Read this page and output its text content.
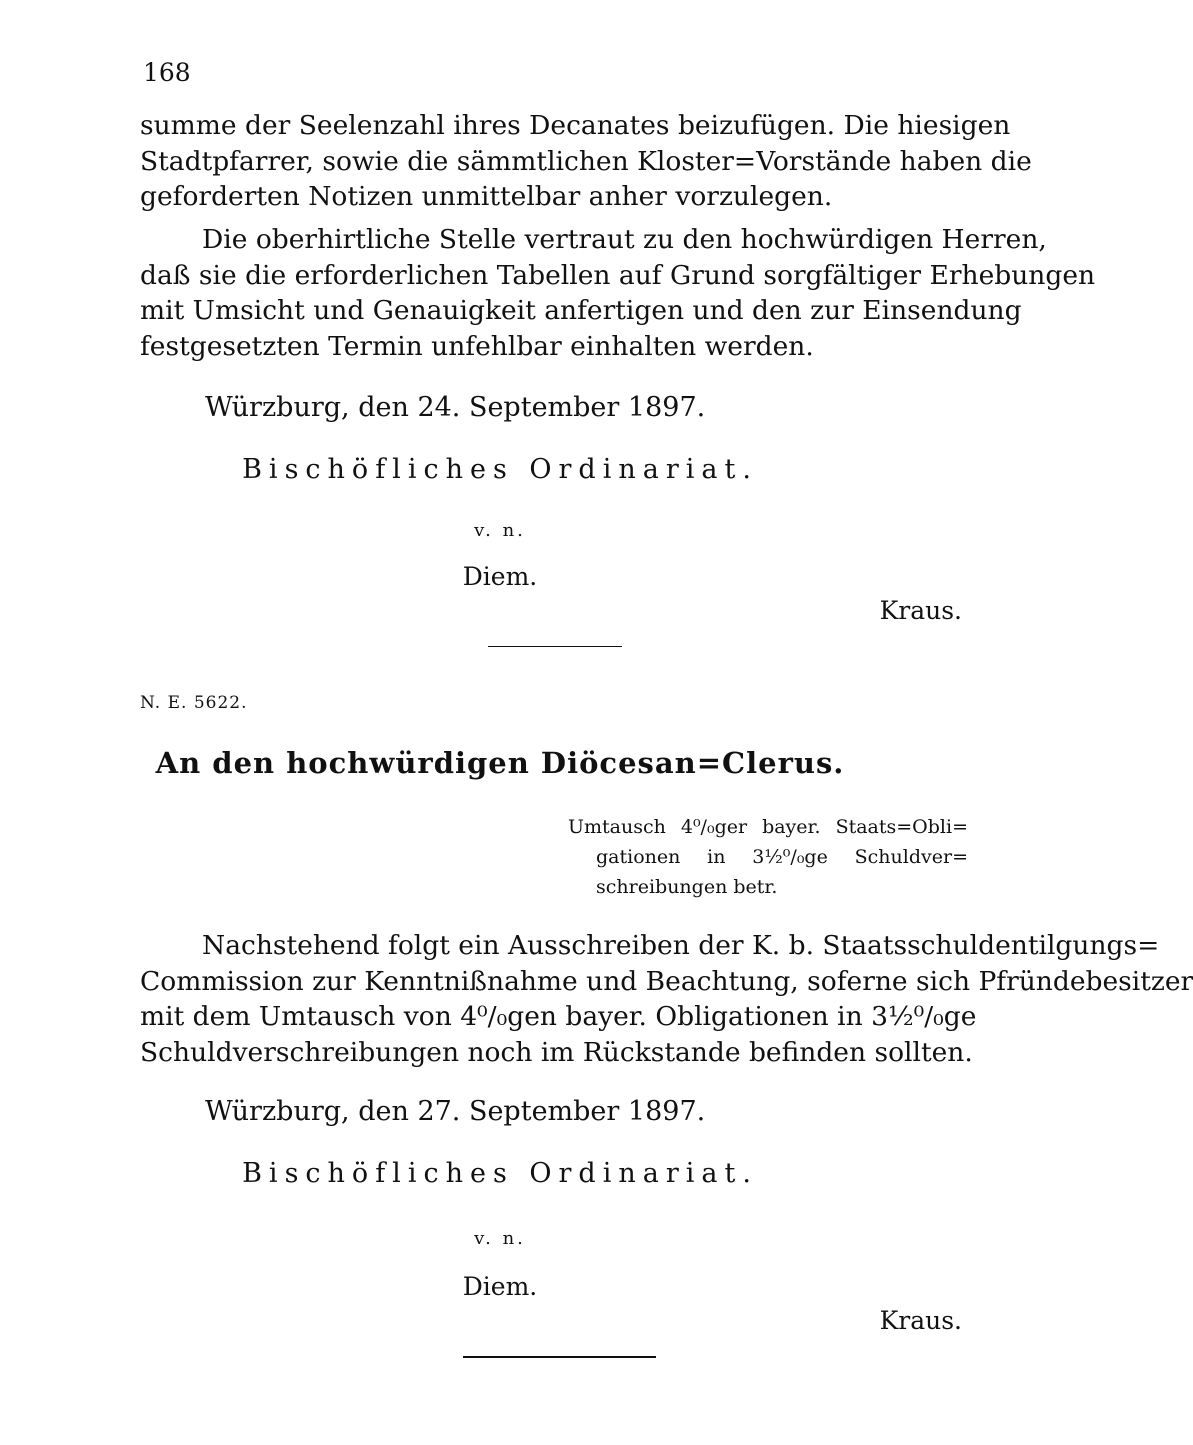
168
summe der Seelenzahl ihres Decanates beizufügen. Die hiesigen
Stadtpfarrer, sowie die sämmtlichen Kloster=Vorstände haben die
geforderten Notizen unmittelbar anher vorzulegen.
Die oberhirtliche Stelle vertraut zu den hochwürdigen Herren,
daß sie die erforderlichen Tabellen auf Grund sorgfältiger Erhebungen
mit Umsicht und Genauigkeit anfertigen und den zur Einsendung
festgesetzten Termin unfehlbar einhalten werden.
Würzburg, den 24. September 1897.
Bischöfliches Ordinariat.
v. n.
Diem.
Kraus.
N. E. 5622.
An den hochwürdigen Diöcesan=Clerus.
Umtausch 4⁰/₀ger bayer. Staats=Obli=
gationen in 3½⁰/₀ge Schuldver=
schreibungen betr.
Nachstehend folgt ein Ausschreiben der K. b. Staatsschuldentilgungs=
Commission zur Kenntnißnahme und Beachtung, soferne sich Pfründebesitzer
mit dem Umtausch von 4⁰/₀gen bayer. Obligationen in 3½⁰/₀ge
Schuldverschreibungen noch im Rückstande befinden sollten.
Würzburg, den 27. September 1897.
Bischöfliches Ordinariat.
v. n.
Diem.
Kraus.
